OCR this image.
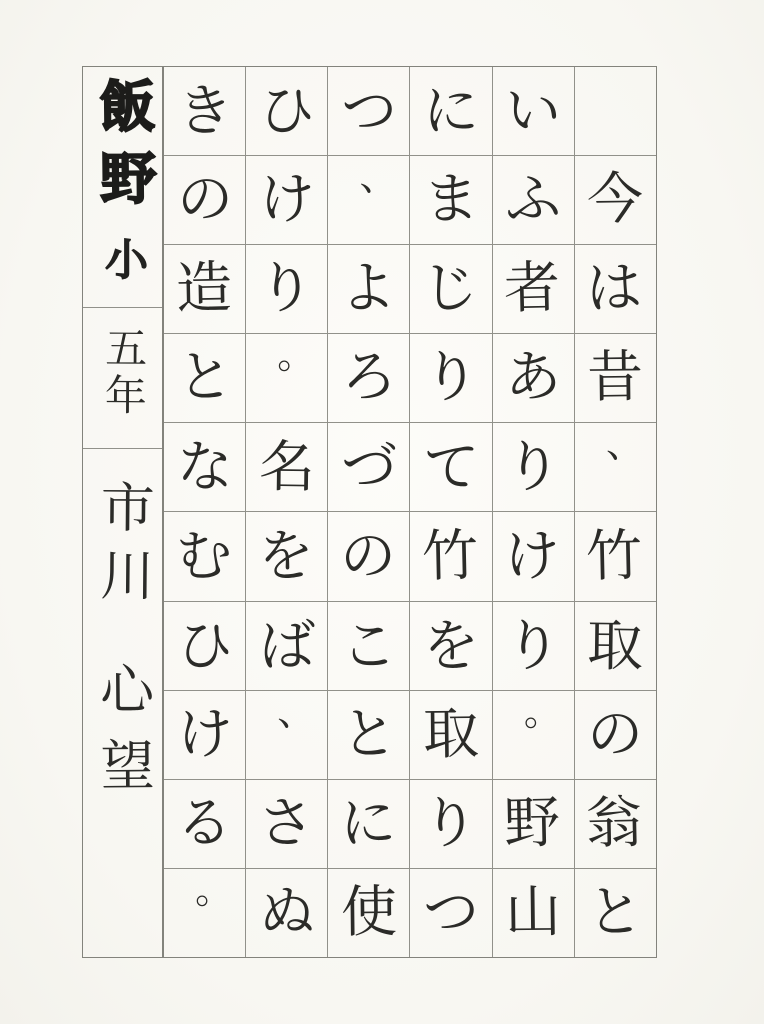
飯野
小
五年
市川
心望
今
は
昔
、
竹
取
の
翁
と
い
ふ
者
あ
り
け
り
。
野
山
に
ま
じ
り
て
竹
を
取
り
つ
つ
、
よ
ろ
づ
の
こ
と
に
使
ひ
け
り
。
名
を
ば
、
さ
ぬ
き
の
造
と
な
む
ひ
け
る
。
